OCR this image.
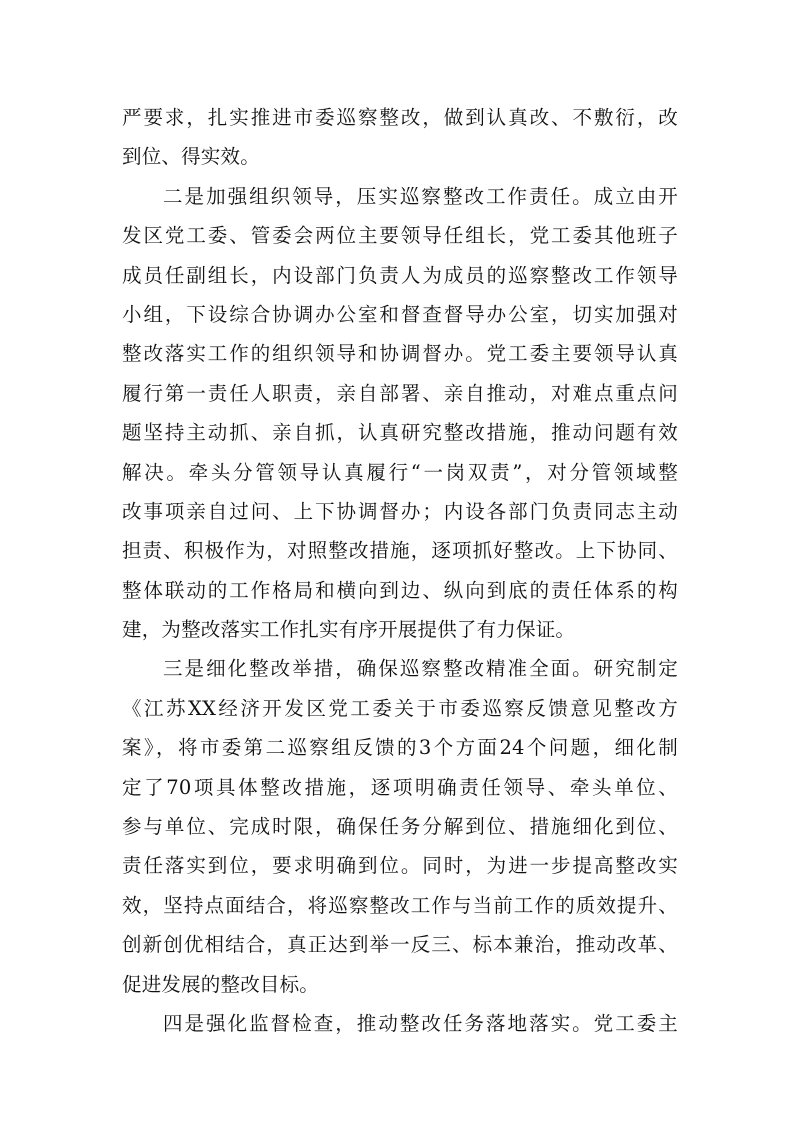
严要求，扎实推进市委巡察整改，做到认真改、不敷衍，改
到位、得实效。
二是加强组织领导，压实巡察整改工作责任。成立由开
发区党工委、管委会两位主要领导任组长，党工委其他班子
成员任副组长，内设部门负责人为成员的巡察整改工作领导
小组，下设综合协调办公室和督查督导办公室，切实加强对
整改落实工作的组织领导和协调督办。党工委主要领导认真
履行第一责任人职责，亲自部署、亲自推动，对难点重点问
题坚持主动抓、亲自抓，认真研究整改措施，推动问题有效
解决。牵头分管领导认真履行“一岗双责”，对分管领域整
改事项亲自过问、上下协调督办；内设各部门负责同志主动
担责、积极作为，对照整改措施，逐项抓好整改。上下协同、
整体联动的工作格局和横向到边、纵向到底的责任体系的构
建，为整改落实工作扎实有序开展提供了有力保证。
三是细化整改举措，确保巡察整改精准全面。研究制定
《江苏XX经济开发区党工委关于市委巡察反馈意见整改方
案》，将市委第二巡察组反馈的3个方面24个问题，细化制
定了70项具体整改措施，逐项明确责任领导、牵头单位、
参与单位、完成时限，确保任务分解到位、措施细化到位、
责任落实到位，要求明确到位。同时，为进一步提高整改实
效，坚持点面结合，将巡察整改工作与当前工作的质效提升、
创新创优相结合，真正达到举一反三、标本兼治，推动改革、
促进发展的整改目标。
四是强化监督检查，推动整改任务落地落实。党工委主
